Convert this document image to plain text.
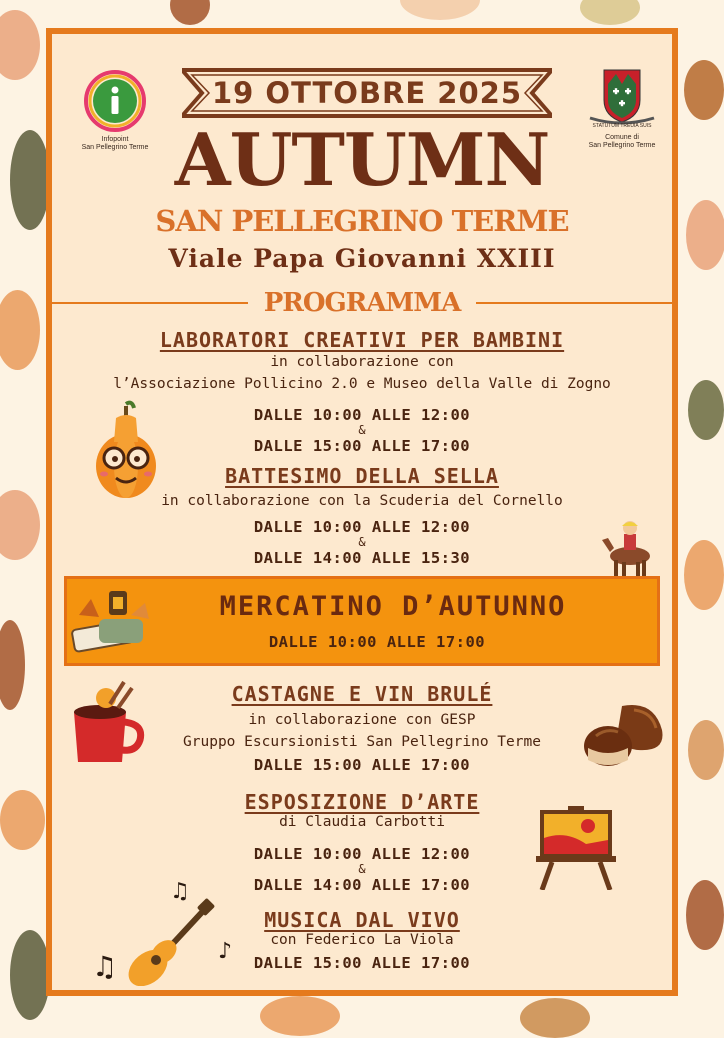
Infopoint
San Pellegrino Terme
STATUTUM TREUIA SUIS
Comune di
San Pellegrino Terme
19 OTTOBRE 2025
AUTUMN
SAN PELLEGRINO TERME
Viale Papa Giovanni XXIII
PROGRAMMA
LABORATORI CREATIVI PER BAMBINI
in collaborazione con
l’Associazione Pollicino 2.0 e Museo della Valle di Zogno
DALLE 10:00 ALLE 12:00
&
DALLE 15:00 ALLE 17:00
BATTESIMO DELLA SELLA
in collaborazione con la Scuderia del Cornello
DALLE 10:00 ALLE 12:00
&
DALLE 14:00 ALLE 15:30
MERCATINO D’AUTUNNO
DALLE 10:00 ALLE 17:00
CASTAGNE E VIN BRULÉ
in collaborazione con GESP
Gruppo Escursionisti San Pellegrino Terme
DALLE 15:00 ALLE 17:00
ESPOSIZIONE D’ARTE
di Claudia Carbotti
DALLE 10:00 ALLE 12:00
&
DALLE 14:00 ALLE 17:00
MUSICA DAL VIVO
con Federico La Viola
DALLE 15:00 ALLE 17:00
♫
♫	♪
